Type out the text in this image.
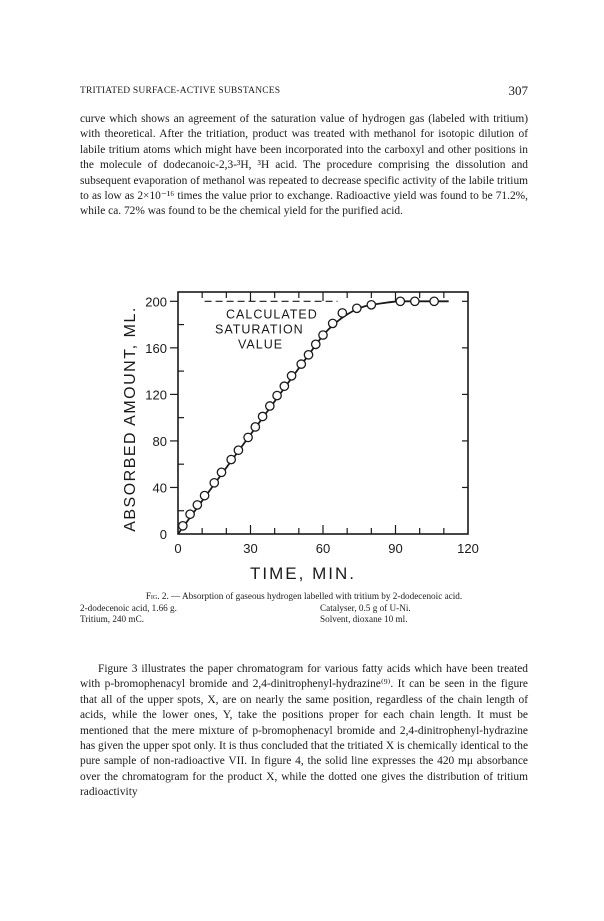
TRITIATED SURFACE-ACTIVE SUBSTANCES	307

curve which shows an agreement of the saturation value of hydrogen gas (labeled with tritium) with theoretical. After the tritiation, product was treated with methanol for isotopic dilution of labile tritium atoms which might have been incorporated into the carboxyl and other positions in the molecule of dodecanoic-2,3-³H, ³H acid. The procedure comprising the dissolution and subsequent evaporation of methanol was repeated to decrease specific activity of the labile tritium to as low as 2×10⁻¹⁶ times the value prior to exchange. Radioactive yield was found to be 71.2%, while ca. 72% was found to be the chemical yield for the purified acid.

0	30	60	90	120
0
40
80
120
160
200
TIME, MIN.
ABSORBED AMOUNT, ML.	CALCULATED
SATURATION
VALUE
Fig. 2. — Absorption of gaseous hydrogen labelled with tritium by 2-dodecenoic acid.
2-dodecenoic acid, 1.66 g.	Catalyser, 0.5 g of U-Ni.
Tritium, 240 mC.	Solvent, dioxane 10 ml.

Figure 3 illustrates the paper chromatogram for various fatty acids which have been treated with p-bromophenacyl bromide and 2,4-dinitrophenyl-hydrazine⁽⁹⁾. It can be seen in the figure that all of the upper spots, X, are on nearly the same position, regardless of the chain length of acids, while the lower ones, Y, take the positions proper for each chain length. It must be mentioned that the mere mixture of p-bromophenacyl bromide and 2,4-dinitrophenyl-hydrazine has given the upper spot only. It is thus concluded that the tritiated X is chemically identical to the pure sample of non-radioactive VII. In figure 4, the solid line expresses the 420 mμ absorbance over the chromatogram for the product X, while the dotted one gives the distribution of tritium radioactivity
